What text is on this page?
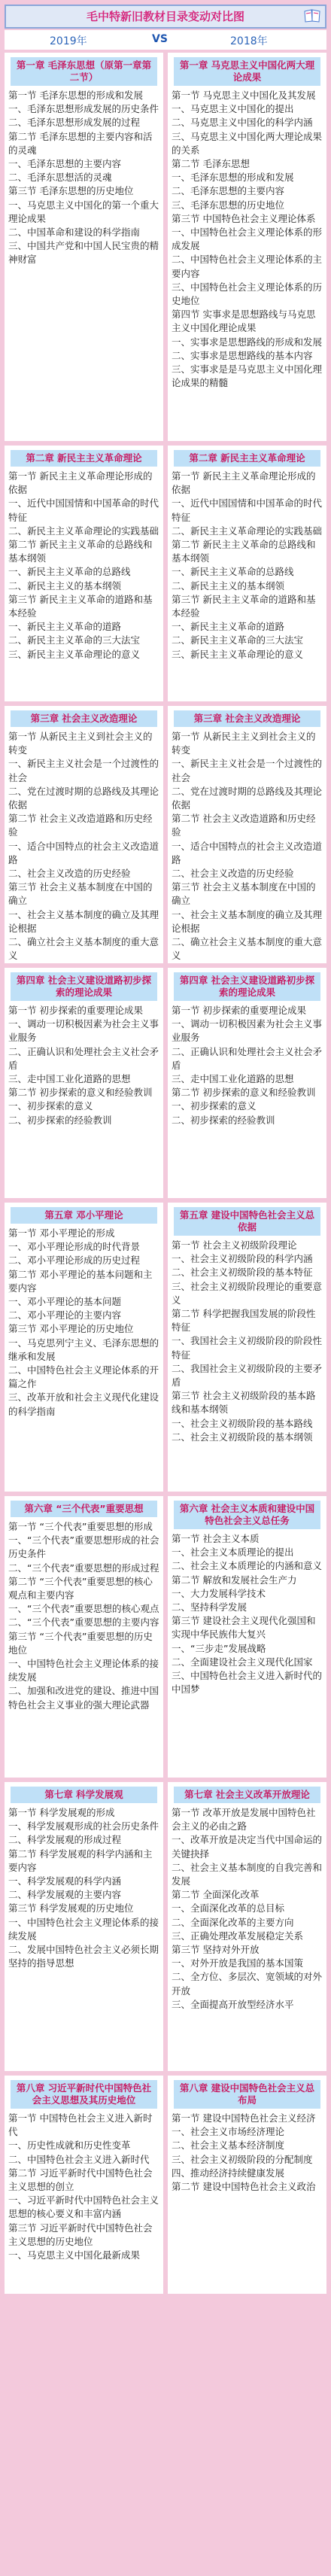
毛中特新旧教材目录变动对比图
2019年	VS	2018年
第一章 毛泽东思想（原第一章第二节）
第一节 毛泽东思想的形成和发展
一、毛泽东思想形成发展的历史条件
二、毛泽东思想形成发展的过程
第二节 毛泽东思想的主要内容和活的灵魂
一、毛泽东思想的主要内容
二、毛泽东思想活的灵魂
第三节 毛泽东思想的历史地位
一、马克思主义中国化的第一个重大理论成果
二、中国革命和建设的科学指南
三、中国共产党和中国人民宝贵的精神财富
第一章 马克思主义中国化两大理论成果
第一节 马克思主义中国化及其发展
一、马克思主义中国化的提出
二、马克思主义中国化的科学内涵
三、马克思主义中国化两大理论成果的关系
第二节 毛泽东思想
一、毛泽东思想的形成和发展
二、毛泽东思想的主要内容
三、毛泽东思想的历史地位
第三节 中国特色社会主义理论体系
一、中国特色社会主义理论体系的形成发展
二、中国特色社会主义理论体系的主要内容
三、中国特色社会主义理论体系的历史地位
第四节 实事求是思想路线与马克思主义中国化理论成果
一、实事求是思想路线的形成和发展
二、实事求是思想路线的基本内容
三、实事求是是马克思主义中国化理论成果的精髓
第二章 新民主主义革命理论
第一节 新民主主义革命理论形成的依据
一、近代中国国情和中国革命的时代特征
二、新民主主义革命理论的实践基础
第二节 新民主主义革命的总路线和基本纲领
一、新民主主义革命的总路线
二、新民主主义的基本纲领
第三节 新民主主义革命的道路和基本经验
一、新民主主义革命的道路
二、新民主主义革命的三大法宝
三、新民主主义革命理论的意义
第二章 新民主主义革命理论
第一节 新民主主义革命理论形成的依据
一、近代中国国情和中国革命的时代特征
二、新民主主义革命理论的实践基础
第二节 新民主主义革命的总路线和基本纲领
一、新民主主义革命的总路线
二、新民主主义的基本纲领
第三节 新民主主义革命的道路和基本经验
一、新民主主义革命的道路
二、新民主主义革命的三大法宝
三、新民主主义革命理论的意义
第三章 社会主义改造理论
第一节 从新民主主义到社会主义的转变
一、新民主主义社会是一个过渡性的社会
二、党在过渡时期的总路线及其理论依据
第二节 社会主义改造道路和历史经验
一、适合中国特点的社会主义改造道路
二、社会主义改造的历史经验
第三节 社会主义基本制度在中国的确立
一、社会主义基本制度的确立及其理论根据
二、确立社会主义基本制度的重大意义
第三章 社会主义改造理论
第一节 从新民主主义到社会主义的转变
一、新民主主义社会是一个过渡性的社会
二、党在过渡时期的总路线及其理论依据
第二节 社会主义改造道路和历史经验
一、适合中国特点的社会主义改造道路
二、社会主义改造的历史经验
第三节 社会主义基本制度在中国的确立
一、社会主义基本制度的确立及其理论根据
二、确立社会主义基本制度的重大意义
第四章 社会主义建设道路初步探索的理论成果
第一节 初步探索的重要理论成果
一、调动一切积极因素为社会主义事业服务
二、正确认识和处理社会主义社会矛盾
三、走中国工业化道路的思想
第二节 初步探索的意义和经验教训
一、初步探索的意义
二、初步探索的经验教训
第四章 社会主义建设道路初步探索的理论成果
第一节 初步探索的重要理论成果
一、调动一切积极因素为社会主义事业服务
二、正确认识和处理社会主义社会矛盾
三、走中国工业化道路的思想
第二节 初步探索的意义和经验教训
一、初步探索的意义
二、初步探索的经验教训
第五章 邓小平理论
第一节 邓小平理论的形成
一、邓小平理论形成的时代背景
二、邓小平理论形成的历史过程
第二节 邓小平理论的基本问题和主要内容
一、邓小平理论的基本问题
二、邓小平理论的主要内容
第三节 邓小平理论的历史地位
一、马克思列宁主义、毛泽东思想的继承和发展
二、中国特色社会主义理论体系的开篇之作
三、改革开放和社会主义现代化建设的科学指南
第五章 建设中国特色社会主义总依据
第一节 社会主义初级阶段理论
一、社会主义初级阶段的科学内涵
二、社会主义初级阶段的基本特征
三、社会主义初级阶段理论的重要意义
第二节 科学把握我国发展的阶段性特征
一、我国社会主义初级阶段的阶段性特征
二、我国社会主义初级阶段的主要矛盾
第三节 社会主义初级阶段的基本路线和基本纲领
一、社会主义初级阶段的基本路线
二、社会主义初级阶段的基本纲领
第六章 “三个代表”重要思想
第一节 “三个代表”重要思想的形成
一、“三个代表”重要思想形成的社会历史条件
二、“三个代表”重要思想的形成过程
第二节 “三个代表”重要思想的核心观点和主要内容
一、“三个代表”重要思想的核心观点
二、“三个代表”重要思想的主要内容
第三节 “三个代表”重要思想的历史地位
一、中国特色社会主义理论体系的接续发展
二、加强和改进党的建设、推进中国特色社会主义事业的强大理论武器
第六章 社会主义本质和建设中国特色社会主义总任务
第一节 社会主义本质
一、社会主义本质理论的提出
二、社会主义本质理论的内涵和意义
第二节 解放和发展社会生产力
一、大力发展科学技术
二、坚持科学发展
第三节 建设社会主义现代化强国和实现中华民族伟大复兴
一、“三步走”发展战略
二、全面建设社会主义现代化国家
三、中国特色社会主义进入新时代的中国梦
第七章 科学发展观
第一节 科学发展观的形成
一、科学发展观形成的社会历史条件
二、科学发展观的形成过程
第二节 科学发展观的科学内涵和主要内容
一、科学发展观的科学内涵
二、科学发展观的主要内容
第三节 科学发展观的历史地位
一、中国特色社会主义理论体系的接续发展
二、发展中国特色社会主义必须长期坚持的指导思想
第七章 社会主义改革开放理论
第一节 改革开放是发展中国特色社会主义的必由之路
一、改革开放是决定当代中国命运的关键抉择
二、社会主义基本制度的自我完善和发展
第二节 全面深化改革
一、全面深化改革的总目标
二、全面深化改革的主要方向
三、正确处理改革发展稳定关系
第三节 坚持对外开放
一、对外开放是我国的基本国策
二、全方位、多层次、宽领域的对外开放
三、全面提高开放型经济水平
第八章 习近平新时代中国特色社会主义思想及其历史地位
第一节 中国特色社会主义进入新时代
一、历史性成就和历史性变革
二、中国特色社会主义进入新时代
第二节 习近平新时代中国特色社会主义思想的创立
一、习近平新时代中国特色社会主义思想的核心要义和丰富内涵
第三节 习近平新时代中国特色社会主义思想的历史地位
一、马克思主义中国化最新成果
第八章 建设中国特色社会主义总布局
第一节 建设中国特色社会主义经济
一、社会主义市场经济理论
二、社会主义基本经济制度
三、社会主义初级阶段的分配制度
四、推动经济持续健康发展
第二节 建设中国特色社会主义政治
